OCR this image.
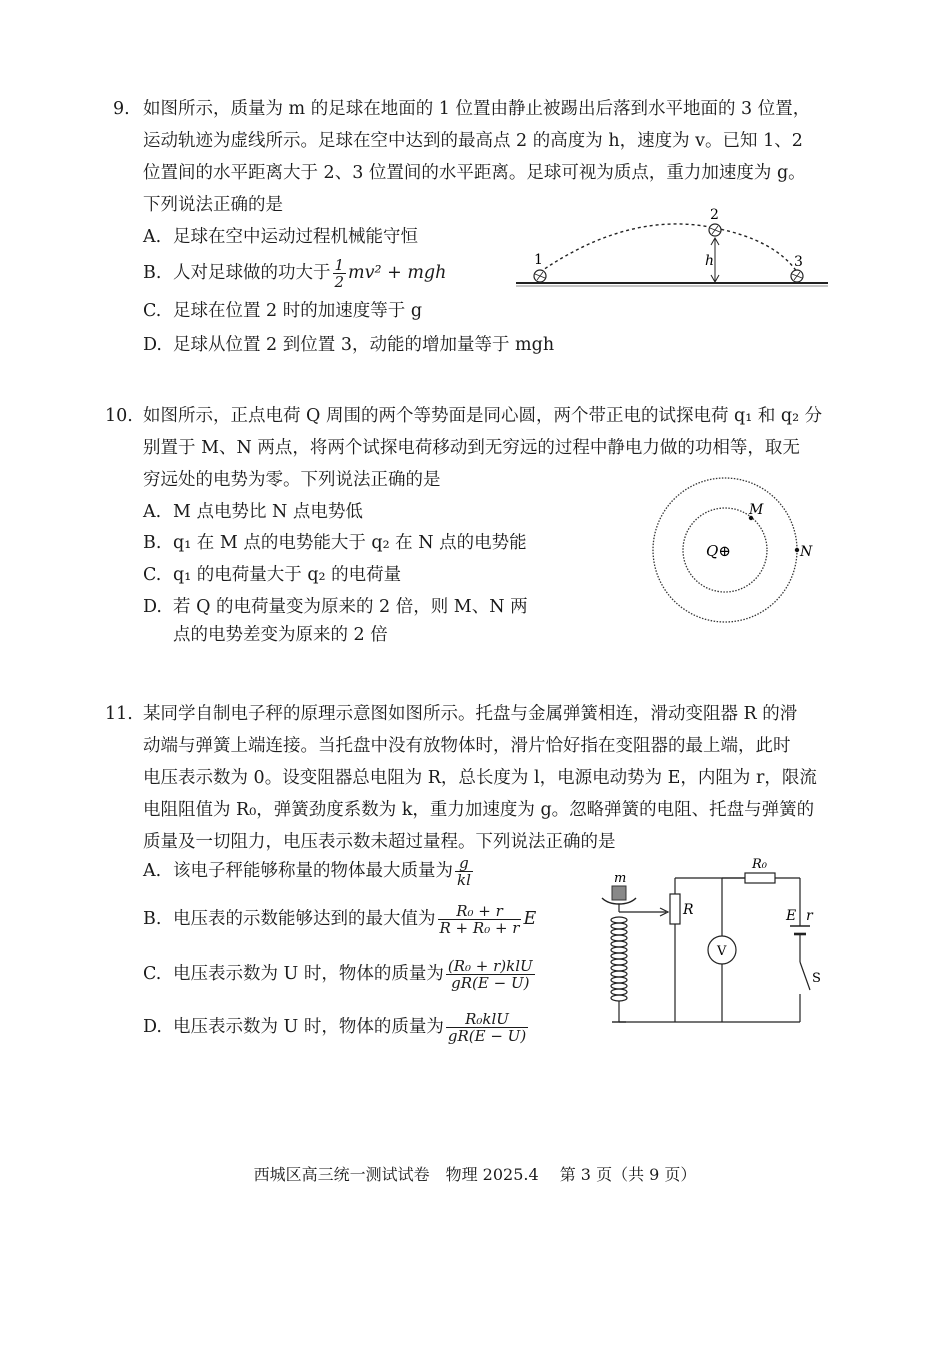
9. 如图所示，质量为 m 的足球在地面的 1 位置由静止被踢出后落到水平地面的 3 位置，
运动轨迹为虚线所示。足球在空中达到的最高点 2 的高度为 h，速度为 v。已知 1、2
位置间的水平距离大于 2、3 位置间的水平距离。足球可视为质点，重力加速度为 g。
下列说法正确的是
A. 足球在空中运动过程机械能守恒
B. 人对足球做的功大于 $\frac{1}{2} mv^2$ + mgh
C. 足球在位置 2 时的加速度等于 g
D. 足球从位置 2 到位置 3，动能的增加量等于 mgh
1
2
3
h
10. 如图所示，正点电荷 Q 周围的两个等势面是同心圆，两个带正电的试探电荷 q₁ 和 q₂ 分
别置于 M、N 两点，将两个试探电荷移动到无穷远的过程中静电力做的功相等，取无
穷远处的电势为零。下列说法正确的是
A. M 点电势比 N 点电势低
B. q₁ 在 M 点的电势能大于 q₂ 在 N 点的电势能
C. q₁ 的电荷量大于 q₂ 的电荷量
D. 若 Q 的电荷量变为原来的 2 倍，则 M、N 两
点的电势差变为原来的 2 倍
Q⊕
M
N
11. 某同学自制电子秤的原理示意图如图所示。托盘与金属弹簧相连，滑动变阻器 R 的滑
动端与弹簧上端连接。当托盘中没有放物体时，滑片恰好指在变阻器的最上端，此时
电压表示数为 0。设变阻器总电阻为 R，总长度为 l，电源电动势为 E，内阻为 r，限流
电阻阻值为 R₀，弹簧劲度系数为 k，重力加速度为 g。忽略弹簧的电阻、托盘与弹簧的
质量及一切阻力，电压表示数未超过量程。下列说法正确的是
A. 该电子秤能够称量的物体最大质量为 $\frac{g}{kl}$
B. 电压表的示数能够达到的最大值为 $\frac{\text{R₀ + r}}{\text{R + R₀ + r}}$ E
C. 电压表示数为 U 时，物体的质量为 $\frac{\text{(R₀ + r)klU}}{gR(E - U)}$
D. 电压表示数为 U 时，物体的质量为 $\frac{\text{R₀klU}}{gR(E - U)}$
m
R
R₀
V
E r
S
西城区高三统一测试试卷　物理 2025.4　 第 3 页（共 9 页）
